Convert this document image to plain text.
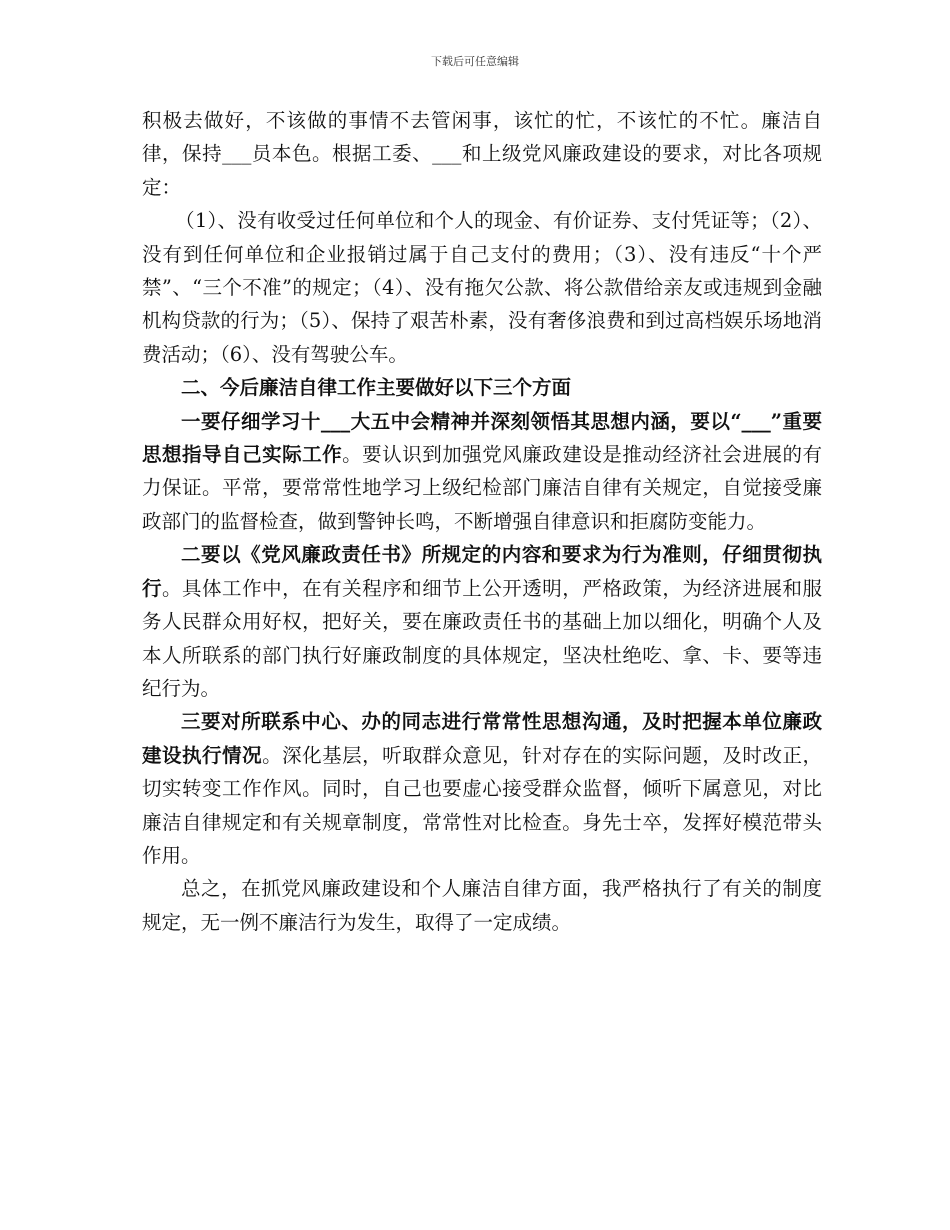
下载后可任意编辑

积极去做好，不该做的事情不去管闲事，该忙的忙，不该忙的不忙。廉洁自律，保持___员本色。根据工委、___和上级党风廉政建设的要求，对比各项规定：

（1）、没有收受过任何单位和个人的现金、有价证券、支付凭证等；（2）、没有到任何单位和企业报销过属于自己支付的费用；（3）、没有违反“十个严禁”、“三个不准”的规定；（4）、没有拖欠公款、将公款借给亲友或违规到金融机构贷款的行为；（5）、保持了艰苦朴素，没有奢侈浪费和到过高档娱乐场地消费活动；（6）、没有驾驶公车。

二、今后廉洁自律工作主要做好以下三个方面

一要仔细学习十___大五中会精神并深刻领悟其思想内涵，要以“___”重要思想指导自己实际工作。要认识到加强党风廉政建设是推动经济社会进展的有力保证。平常，要常常性地学习上级纪检部门廉洁自律有关规定，自觉接受廉政部门的监督检查，做到警钟长鸣，不断增强自律意识和拒腐防变能力。

二要以《党风廉政责任书》所规定的内容和要求为行为准则，仔细贯彻执行。具体工作中，在有关程序和细节上公开透明，严格政策，为经济进展和服务人民群众用好权，把好关，要在廉政责任书的基础上加以细化，明确个人及本人所联系的部门执行好廉政制度的具体规定，坚决杜绝吃、拿、卡、要等违纪行为。

三要对所联系中心、办的同志进行常常性思想沟通，及时把握本单位廉政建设执行情况。深化基层，听取群众意见，针对存在的实际问题，及时改正，切实转变工作作风。同时，自己也要虚心接受群众监督，倾听下属意见，对比廉洁自律规定和有关规章制度，常常性对比检查。身先士卒，发挥好模范带头作用。

总之，在抓党风廉政建设和个人廉洁自律方面，我严格执行了有关的制度规定，无一例不廉洁行为发生，取得了一定成绩。
